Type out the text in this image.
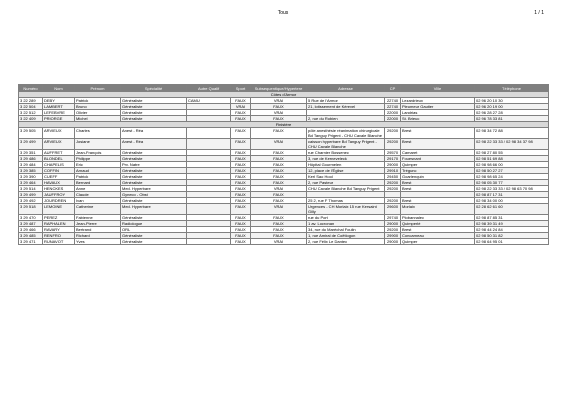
Tous	1 / 1
Numéro	Nom	Prénom	Spécialité	Autre Qualif	Sport	Subsequentique/Hypertere	Adresse	CP	Ville	Téléphone
Côtes d'Armor										
3 22 289	DEBY	Patrick	Généraliste	CAMU	FAUX	VRAI	5 Rue de l'Armor	22740	Lezardrieux	02 96 20 10 30
3 22 504	LAMBERT	Bruno	Généraliste		VRAI	FAUX	21, lotissement de Kérevel	22740	Pleumeur Gautier	02 96 20 19 00
3 22 512	LEFEBVRE	Olivier	Généraliste		FAUX	VRAI		22000	Landrias	02 96 28 27 28
3 22 409	PRIORGE	Michel	Généraliste		FAUX	FAUX	2, rue du Robien	22000	St. Brieuc	02 96 78 33 81
Finistère										
3 29 505	ARVIEUX	Charles	Anest - Réa		FAUX	FAUX	pôle anesthésie réanimation chirurgicale Bd Tanguy Prigent - CHU Cavale Blanche	29200	Brest	02 98 34 72 88
3 29 499	ARVIEUX	Josiane	Anest - Réa		FAUX	VRAI	caisson hyperbare Bd Tanguy Prigent - CHU Cavale Blanche	29200	Brest	02 98 22 33 33 / 02 98 34 37 98
3 29 351	AUFFRET	Jean-François	Généraliste		FAUX	FAUX	rue Charnier Bossenec	29570	Camaret	02 98 27 80 55
3 29 486	BLONDEL	Philippe	Généraliste		FAUX	FAUX	3, rue de Kerneveleck	29170	Fouesnant	02 98 51 69 88
3 29 484	CHAPELIS	Eric	Prv. Natre		FAUX	FAUX	Hôpital Gourmelen	29000	Quimper	02 98 98 66 00
3 29 385	COFFIN	Arnaud	Généraliste		FAUX	FAUX	12, place de l'Église	29910	Trégunc	02 98 50 27 27
3 29 390	CUEFF	Patrick	Généraliste		FAUX	FAUX	Kerl Sao Hool	29450	Goarlenquin	02 98 98 65 24
3 29 464	HAVAUX	Bernard	Généraliste		FAUX	FAUX	2, rue Pasteur	29200	Brest	02 98 05 30 77
3 29 514	HENCKES	Anne	Med. Hyperbare		FAUX	VRAI	CHU Cavale Blanche Bd Tanguy Prigent	29200	Brest	02 98 22 33 33 / 02 98 63 70 98
3 29 499	JAUFFROY	Claude	Gyneco - Obst		FAUX	FAUX				02 98 87 17 31
3 29 492	JOURDREN	Ivan	Généraliste		FAUX	FAUX	25 2, rue F Thomas	29200	Brest	02 98 34 00 00
3 29 518	LEMOINE	Catherine	Med. Hyperbare		FAUX	VRAI	Urgences - CH Morlaix 15 rue Kersaint Gilly	29600	Morlaix	02 28 62 61 60
3 29 470	PEREZ	Fabienne	Généraliste		FAUX	FAUX	rue du Port	29740	Plobannalec	02 98 87 85 31
3 29 487	RAPHALEN	Jean-Pierre	Radiologue		FAUX	FAUX	1 av. Locronan	29000	Quimperlé	02 98 39 31 49
3 29 466	RAVARY	Bertrand	ORL		FAUX	FAUX	34, rue du Maréchal Foulin	29200	Brest	02 98 44 24 84
3 29 485	RENFRO	Richard	Généraliste		FAUX	FAUX	1, rue Amiral de Coëtlogon	29900	Concarneau	02 98 50 31 82
3 29 471	RUNAVOT	Yves	Généraliste		FAUX	VRAI	2, rue Félix Le Dantec	29000	Quimper	02 98 64 95 01
